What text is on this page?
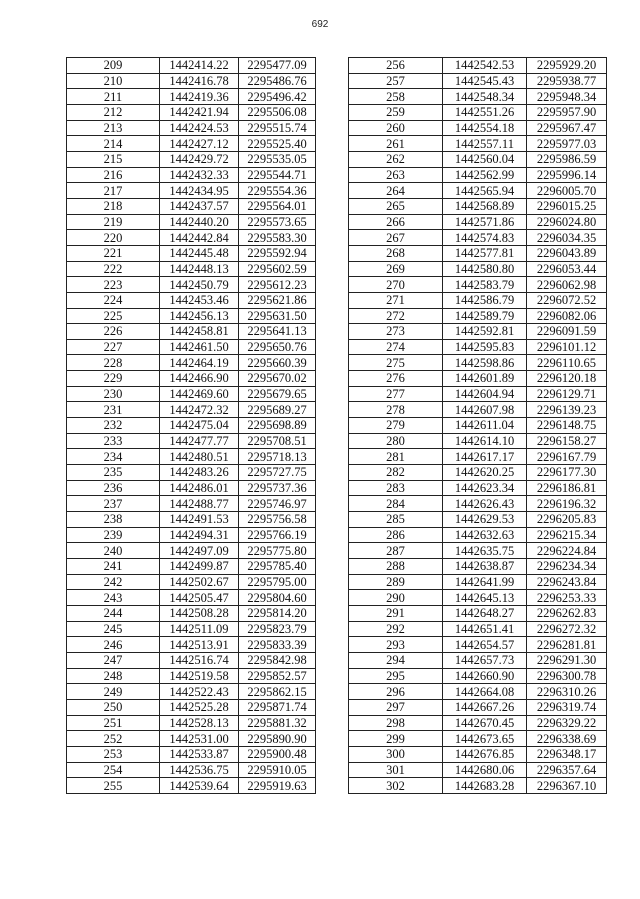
692
209	1442414.22	2295477.09
210	1442416.78	2295486.76
211	1442419.36	2295496.42
212	1442421.94	2295506.08
213	1442424.53	2295515.74
214	1442427.12	2295525.40
215	1442429.72	2295535.05
216	1442432.33	2295544.71
217	1442434.95	2295554.36
218	1442437.57	2295564.01
219	1442440.20	2295573.65
220	1442442.84	2295583.30
221	1442445.48	2295592.94
222	1442448.13	2295602.59
223	1442450.79	2295612.23
224	1442453.46	2295621.86
225	1442456.13	2295631.50
226	1442458.81	2295641.13
227	1442461.50	2295650.76
228	1442464.19	2295660.39
229	1442466.90	2295670.02
230	1442469.60	2295679.65
231	1442472.32	2295689.27
232	1442475.04	2295698.89
233	1442477.77	2295708.51
234	1442480.51	2295718.13
235	1442483.26	2295727.75
236	1442486.01	2295737.36
237	1442488.77	2295746.97
238	1442491.53	2295756.58
239	1442494.31	2295766.19
240	1442497.09	2295775.80
241	1442499.87	2295785.40
242	1442502.67	2295795.00
243	1442505.47	2295804.60
244	1442508.28	2295814.20
245	1442511.09	2295823.79
246	1442513.91	2295833.39
247	1442516.74	2295842.98
248	1442519.58	2295852.57
249	1442522.43	2295862.15
250	1442525.28	2295871.74
251	1442528.13	2295881.32
252	1442531.00	2295890.90
253	1442533.87	2295900.48
254	1442536.75	2295910.05
255	1442539.64	2295919.63
256	1442542.53	2295929.20
257	1442545.43	2295938.77
258	1442548.34	2295948.34
259	1442551.26	2295957.90
260	1442554.18	2295967.47
261	1442557.11	2295977.03
262	1442560.04	2295986.59
263	1442562.99	2295996.14
264	1442565.94	2296005.70
265	1442568.89	2296015.25
266	1442571.86	2296024.80
267	1442574.83	2296034.35
268	1442577.81	2296043.89
269	1442580.80	2296053.44
270	1442583.79	2296062.98
271	1442586.79	2296072.52
272	1442589.79	2296082.06
273	1442592.81	2296091.59
274	1442595.83	2296101.12
275	1442598.86	2296110.65
276	1442601.89	2296120.18
277	1442604.94	2296129.71
278	1442607.98	2296139.23
279	1442611.04	2296148.75
280	1442614.10	2296158.27
281	1442617.17	2296167.79
282	1442620.25	2296177.30
283	1442623.34	2296186.81
284	1442626.43	2296196.32
285	1442629.53	2296205.83
286	1442632.63	2296215.34
287	1442635.75	2296224.84
288	1442638.87	2296234.34
289	1442641.99	2296243.84
290	1442645.13	2296253.33
291	1442648.27	2296262.83
292	1442651.41	2296272.32
293	1442654.57	2296281.81
294	1442657.73	2296291.30
295	1442660.90	2296300.78
296	1442664.08	2296310.26
297	1442667.26	2296319.74
298	1442670.45	2296329.22
299	1442673.65	2296338.69
300	1442676.85	2296348.17
301	1442680.06	2296357.64
302	1442683.28	2296367.10
